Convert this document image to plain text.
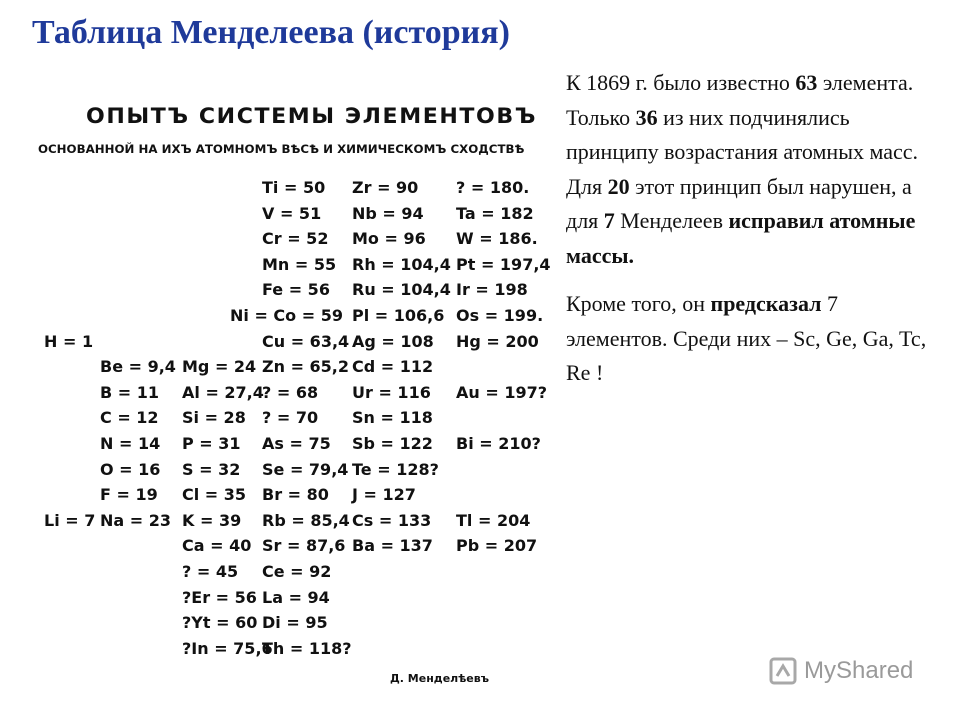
Таблица Менделеева (история)
ОПЫТЪ СИСТЕМЫ ЭЛЕМЕНТОВЪ
ОСНОВАННОЙ НА ИХЪ АТОМНОМЪ ВѢСѢ И ХИМИЧЕСКОМЪ СХОДСТВѢ
Ti = 50 Zr = 90 ? = 180.
V = 51 Nb = 94 Ta = 182
Cr = 52 Mo = 96 W = 186.
Mn = 55 Rh = 104,4 Pt = 197,4
Fe = 56 Ru = 104,4 Ir = 198
Ni = Co = 59 Pl = 106,6 Os = 199.
H = 1	Cu = 63,4 Ag = 108 Hg = 200
Be = 9,4 Mg = 24 Zn = 65,2 Cd = 112
B = 11 Al = 27,4
? = 68 Ur = 116 Au = 197?
C = 12 Si = 28 ? = 70 Sn = 118
N = 14 P = 31 As = 75 Sb = 122 Bi = 210?
O = 16 S = 32 Se = 79,4 Te = 128?
F = 19 Cl = 35 Br = 80 J = 127
Li = 7 Na = 23 K = 39 Rb = 85,4 Cs = 133 Tl = 204
Ca = 40 Sr = 87,6 Ba = 137 Pb = 207
? = 45 Ce = 92
?Er = 56 La = 94
?Yt = 60 Di = 95
?In = 75,6
Th = 118?
Д. Менделѣевъ

К 1869 г. было известно 63 элемента.

Только 36 из них подчинялись принципу возрастания атомных масс. Для 20 этот принцип был нарушен, а для 7 Менделеев исправил атомные массы.

Кроме того, он предсказал 7 элементов. Среди них – Sc, Ge, Ga, Tc, Re !

MyShared
